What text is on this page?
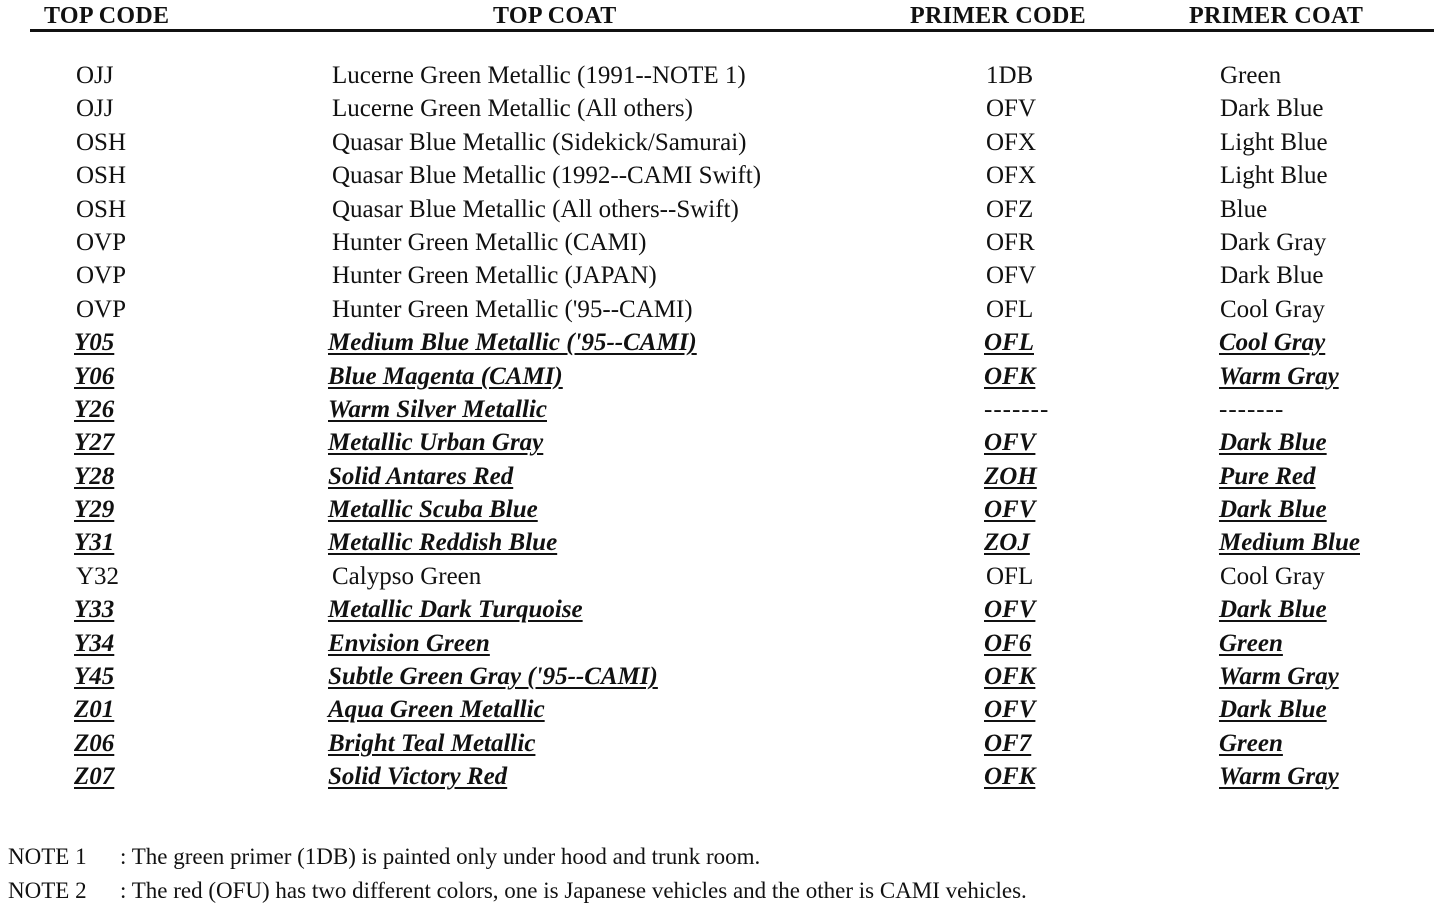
TOP CODE	TOP COAT	PRIMER CODE	PRIMER COAT
OJJ	Lucerne Green Metallic (1991--NOTE 1)	1DB	Green
OJJ	Lucerne Green Metallic (All others)	OFV	Dark Blue
OSH	Quasar Blue Metallic (Sidekick/Samurai)	OFX	Light Blue
OSH	Quasar Blue Metallic (1992--CAMI Swift)	OFX	Light Blue
OSH	Quasar Blue Metallic (All others--Swift)	OFZ	Blue
OVP	Hunter Green Metallic (CAMI)	OFR	Dark Gray
OVP	Hunter Green Metallic (JAPAN)	OFV	Dark Blue
OVP	Hunter Green Metallic ('95--CAMI)	OFL	Cool Gray
Y05	Medium Blue Metallic ('95--CAMI)	OFL	Cool Gray
Y06	Blue Magenta (CAMI)	OFK	Warm Gray
Y26	Warm Silver Metallic	-------	-------
Y27	Metallic Urban Gray	OFV	Dark Blue
Y28	Solid Antares Red	ZOH	Pure Red
Y29	Metallic Scuba Blue	OFV	Dark Blue
Y31	Metallic Reddish Blue	ZOJ	Medium Blue
Y32	Calypso Green	OFL	Cool Gray
Y33	Metallic Dark Turquoise	OFV	Dark Blue
Y34	Envision Green	OF6	Green
Y45	Subtle Green Gray ('95--CAMI)	OFK	Warm Gray
Z01	Aqua Green Metallic	OFV	Dark Blue
Z06	Bright Teal Metallic	OF7	Green
Z07	Solid Victory Red	OFK	Warm Gray
NOTE 1 : The green primer (1DB) is painted only under hood and trunk room.
NOTE 2 : The red (OFU) has two different colors, one is Japanese vehicles and the other is CAMI vehicles.
